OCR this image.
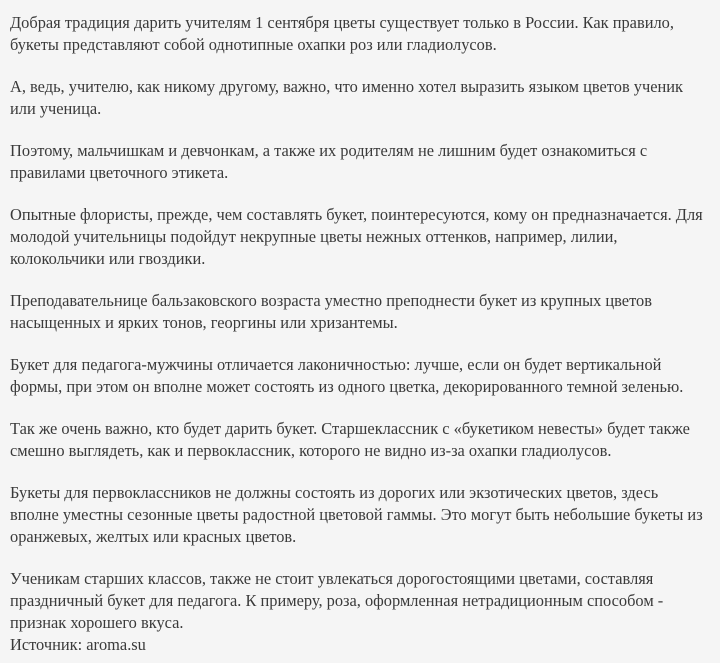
Добрая традиция дарить учителям 1 сентября цветы существует только в России. Как правило, букеты представляют собой однотипные охапки роз или гладиолусов.

А, ведь, учителю, как никому другому, важно, что именно хотел выразить языком цветов ученик или ученица.

Поэтому, мальчишкам и девчонкам, а также их родителям не лишним будет ознакомиться с правилами цветочного этикета.

Опытные флористы, прежде, чем составлять букет, поинтересуются, кому он предназначается. Для молодой учительницы подойдут некрупные цветы нежных оттенков, например, лилии, колокольчики или гвоздики.

Преподавательнице бальзаковского возраста уместно преподнести букет из крупных цветов насыщенных и ярких тонов, георгины или хризантемы.

Букет для педагога-мужчины отличается лаконичностью: лучше, если он будет вертикальной формы, при этом он вполне может состоять из одного цветка, декорированного темной зеленью.

Так же очень важно, кто будет дарить букет. Старшеклассник с «букетиком невесты» будет также смешно выглядеть, как и первоклассник, которого не видно из-за охапки гладиолусов.

Букеты для первоклассников не должны состоять из дорогих или экзотических цветов, здесь вполне уместны сезонные цветы радостной цветовой гаммы. Это могут быть небольшие букеты из оранжевых, желтых или красных цветов.

Ученикам старших классов, также не стоит увлекаться дорогостоящими цветами, составляя праздничный букет для педагога. К примеру, роза, оформленная нетрадиционным способом - признак хорошего вкуса.

Источник: aroma.su
